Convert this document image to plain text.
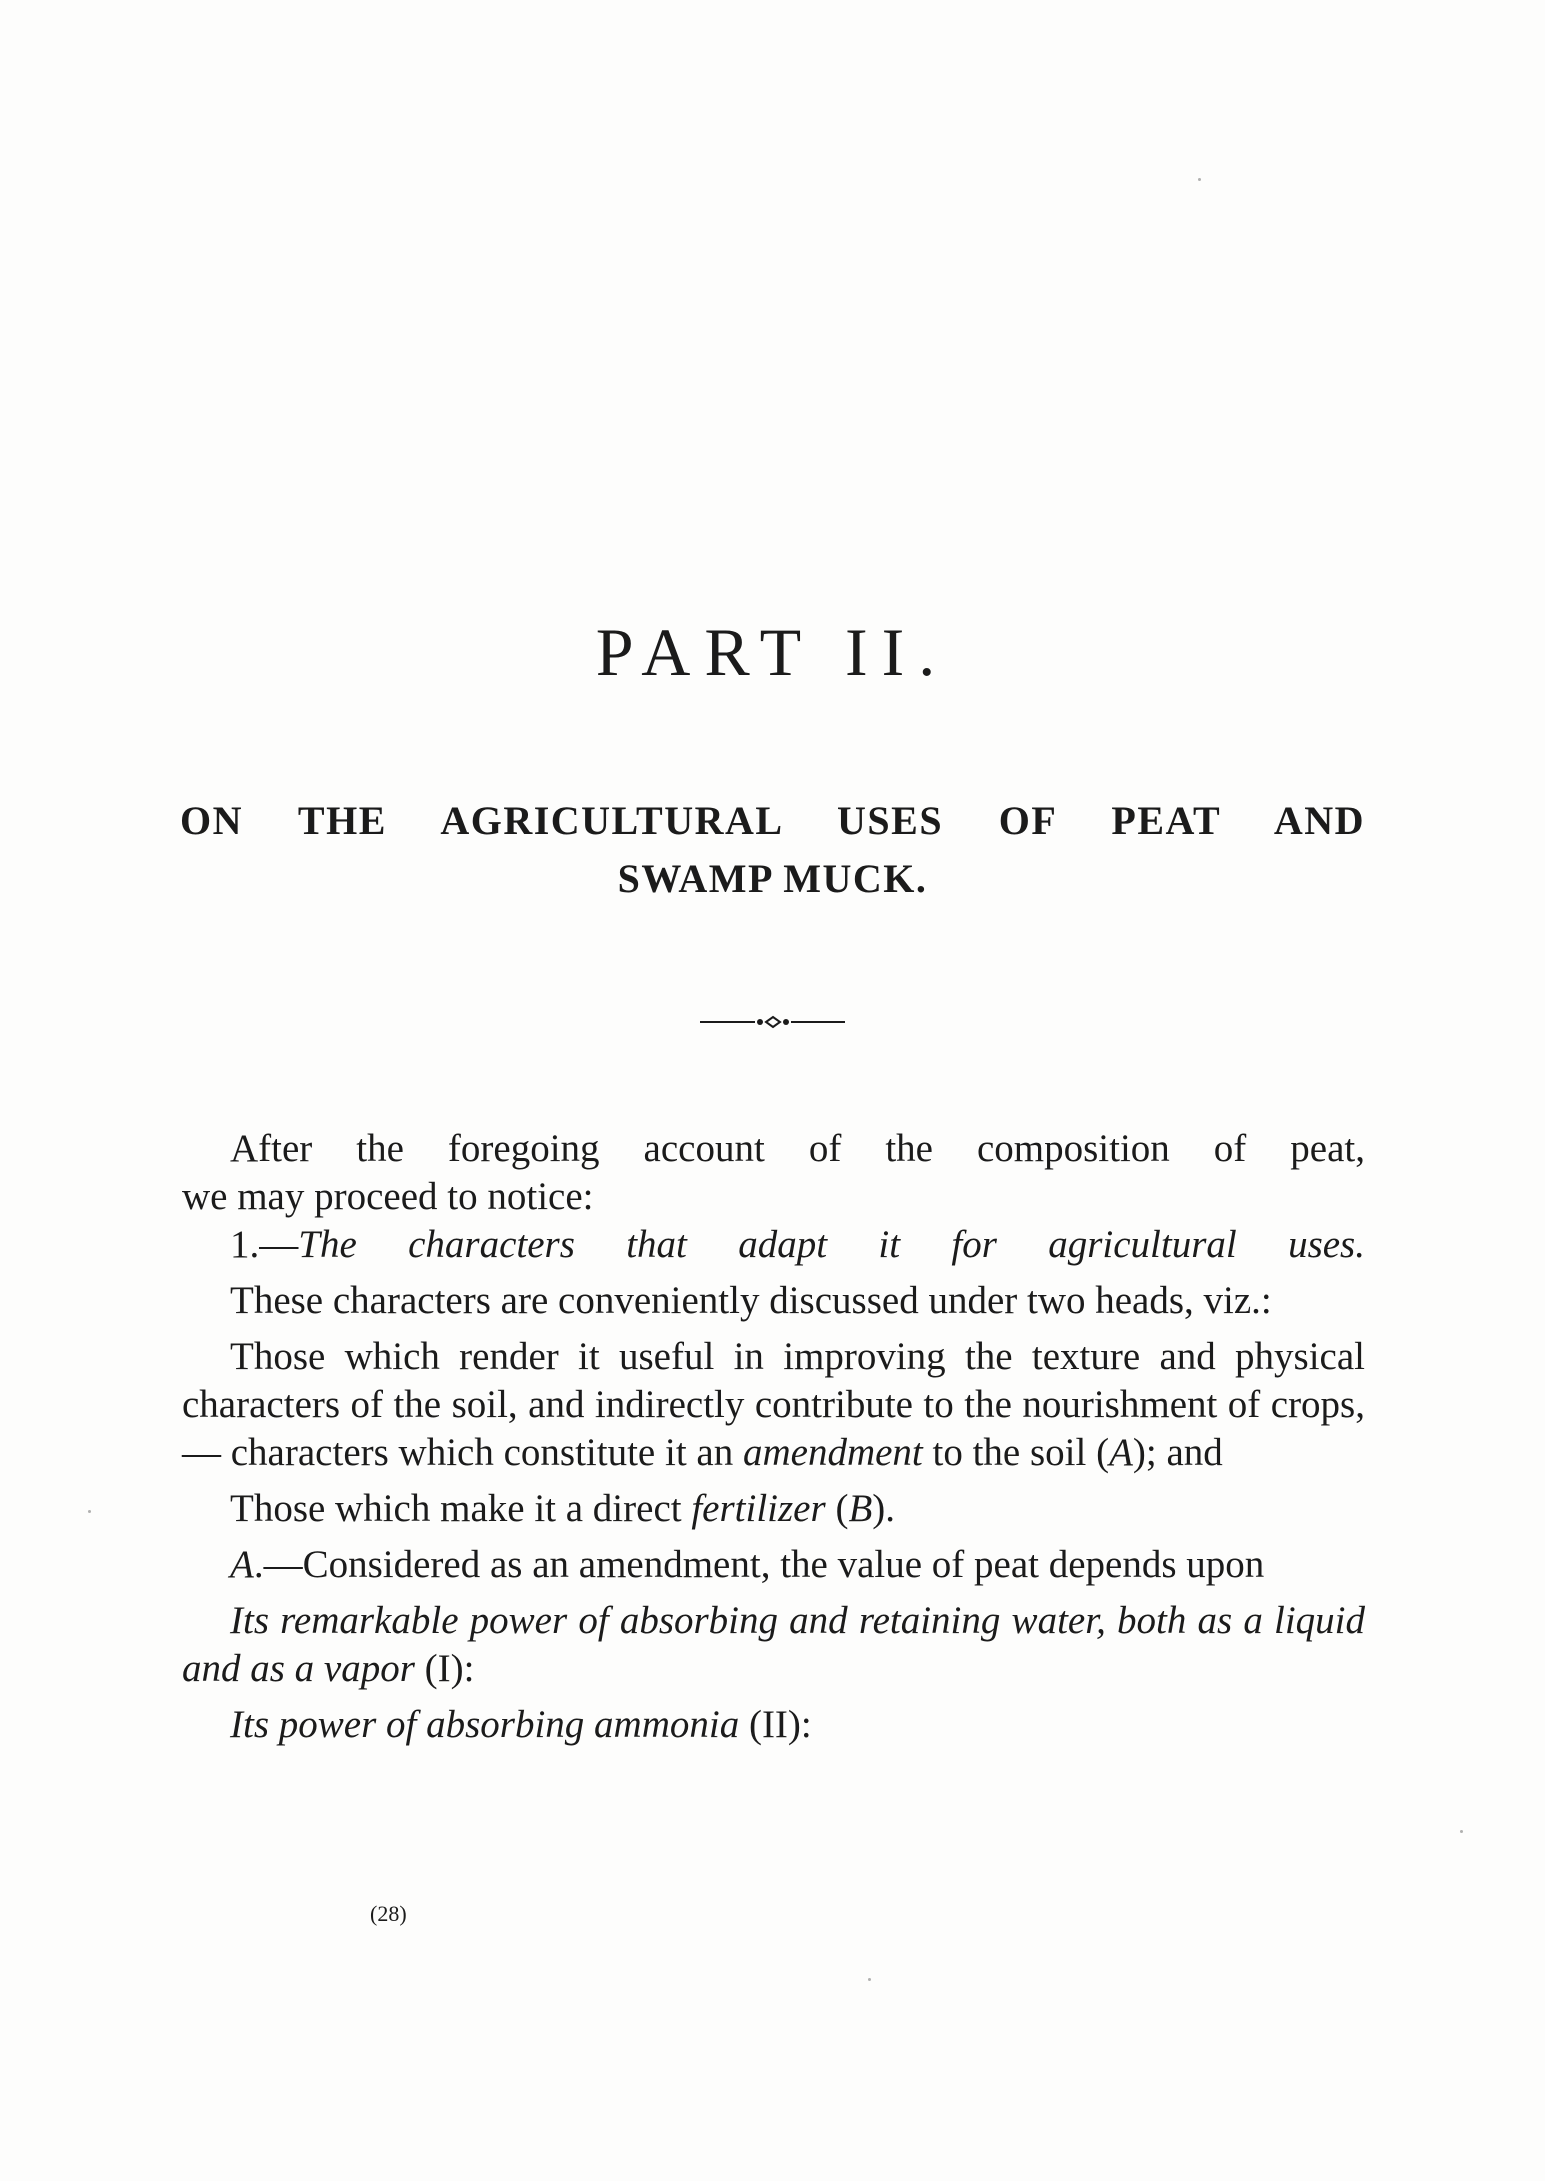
PART II.
ON THE AGRICULTURAL USES OF PEAT AND
SWAMP MUCK.

After the foregoing account of the composition of peat,

we may proceed to notice:

1.—The characters that adapt it for agricultural uses.

These characters are conveniently discussed under two heads, viz.:

Those which render it useful in improving the texture and physical characters of the soil, and indirectly contribute to the nourishment of crops, — characters which constitute it an amendment to the soil (A); and

Those which make it a direct fertilizer (B).

A.—Considered as an amendment, the value of peat depends upon

Its remarkable power of absorbing and retaining water, both as a liquid and as a vapor (I):

Its power of absorbing ammonia (II):

(28)
